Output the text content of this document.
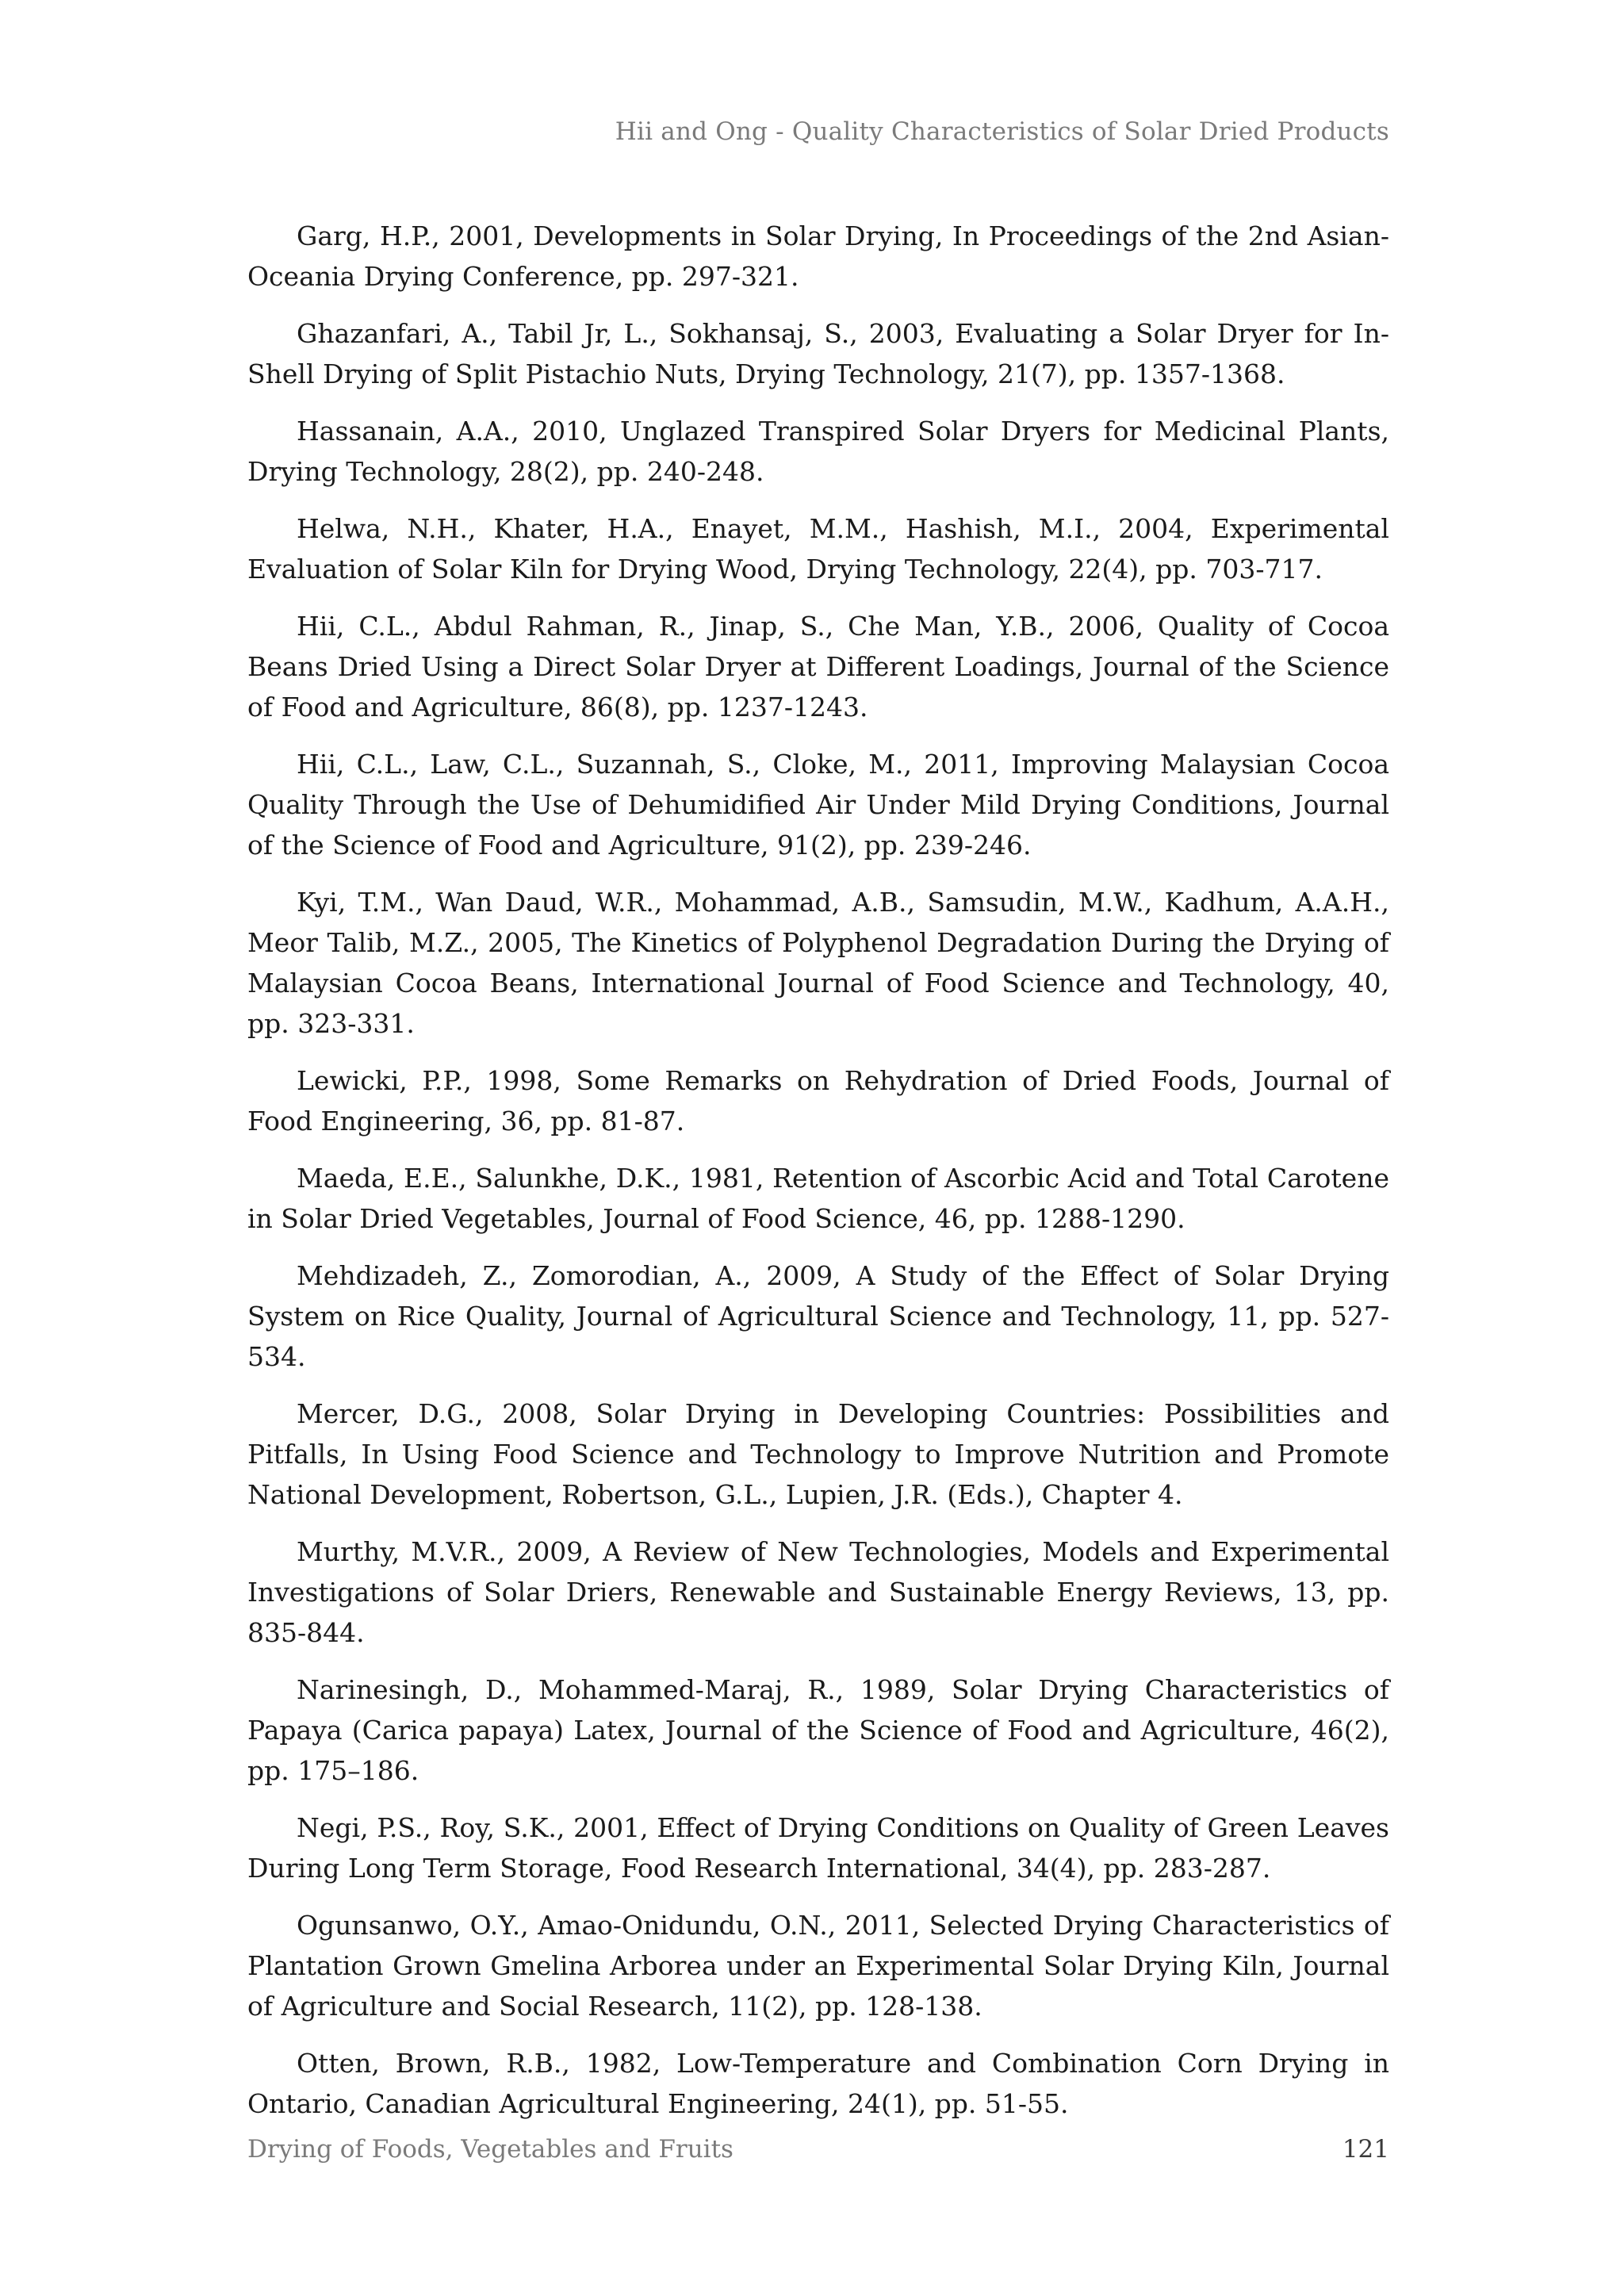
Hii and Ong - Quality Characteristics of Solar Dried Products
Garg, H.P., 2001, Developments in Solar Drying, In Proceedings of the 2nd Asian-Oceania Drying Conference, pp. 297-321.
Ghazanfari, A., Tabil Jr, L., Sokhansaj, S., 2003, Evaluating a Solar Dryer for In-Shell Drying of Split Pistachio Nuts, Drying Technology, 21(7), pp. 1357-1368.
Hassanain, A.A., 2010, Unglazed Transpired Solar Dryers for Medicinal Plants, Drying Technology, 28(2), pp. 240-248.
Helwa, N.H., Khater, H.A., Enayet, M.M., Hashish, M.I., 2004, Experimental Evaluation of Solar Kiln for Drying Wood, Drying Technology, 22(4), pp. 703-717.
Hii, C.L., Abdul Rahman, R., Jinap, S., Che Man, Y.B., 2006, Quality of Cocoa Beans Dried Using a Direct Solar Dryer at Different Loadings, Journal of the Science of Food and Agriculture, 86(8), pp. 1237-1243.
Hii, C.L., Law, C.L., Suzannah, S., Cloke, M., 2011, Improving Malaysian Cocoa Quality Through the Use of Dehumidified Air Under Mild Drying Conditions, Journal of the Science of Food and Agriculture, 91(2), pp. 239-246.
Kyi, T.M., Wan Daud, W.R., Mohammad, A.B., Samsudin, M.W., Kadhum, A.A.H., Meor Talib, M.Z., 2005, The Kinetics of Polyphenol Degradation During the Drying of Malaysian Cocoa Beans, International Journal of Food Science and Technology, 40, pp. 323-331.
Lewicki, P.P., 1998, Some Remarks on Rehydration of Dried Foods, Journal of Food Engineering, 36, pp. 81-87.
Maeda, E.E., Salunkhe, D.K., 1981, Retention of Ascorbic Acid and Total Carotene in Solar Dried Vegetables, Journal of Food Science, 46, pp. 1288-1290.
Mehdizadeh, Z., Zomorodian, A., 2009, A Study of the Effect of Solar Drying System on Rice Quality, Journal of Agricultural Science and Technology, 11, pp. 527-534.
Mercer, D.G., 2008, Solar Drying in Developing Countries: Possibilities and Pitfalls, In Using Food Science and Technology to Improve Nutrition and Promote National Development, Robertson, G.L., Lupien, J.R. (Eds.), Chapter 4.
Murthy, M.V.R., 2009, A Review of New Technologies, Models and Experimental Investigations of Solar Driers, Renewable and Sustainable Energy Reviews, 13, pp. 835-844.
Narinesingh, D., Mohammed-Maraj, R., 1989, Solar Drying Characteristics of Papaya (Carica papaya) Latex, Journal of the Science of Food and Agriculture, 46(2), pp. 175–186.
Negi, P.S., Roy, S.K., 2001, Effect of Drying Conditions on Quality of Green Leaves During Long Term Storage, Food Research International, 34(4), pp. 283-287.
Ogunsanwo, O.Y., Amao-Onidundu, O.N., 2011, Selected Drying Characteristics of Plantation Grown Gmelina Arborea under an Experimental Solar Drying Kiln, Journal of Agriculture and Social Research, 11(2), pp. 128-138.
Otten, Brown, R.B., 1982, Low-Temperature and Combination Corn Drying in Ontario, Canadian Agricultural Engineering, 24(1), pp. 51-55.
Drying of Foods, Vegetables and Fruits	121
